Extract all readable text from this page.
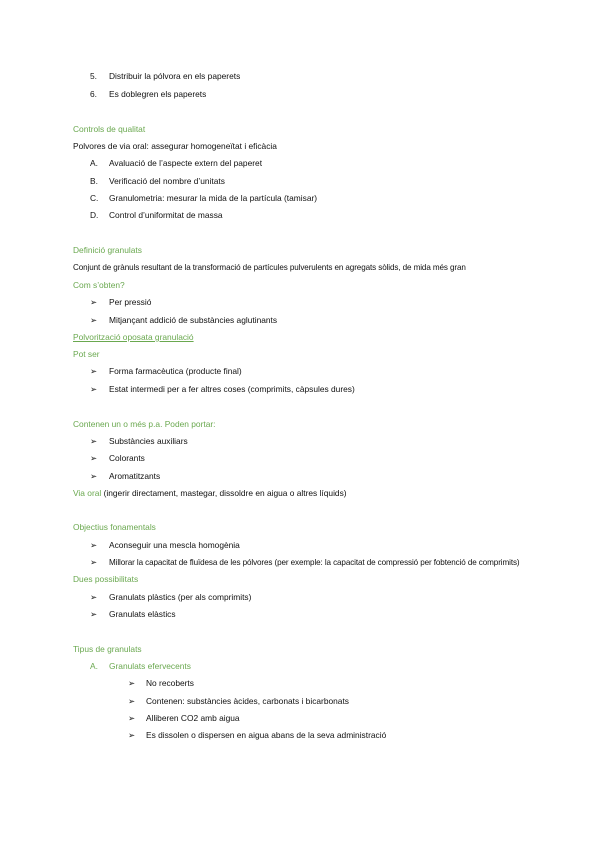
5.	Distribuir la pólvora en els paperets
6.	Es doblegren els paperets
Controls de qualitat
Polvores de via oral: assegurar homogeneïtat i eficàcia
A.	Avaluació de l’aspecte extern del paperet
B.	Verificació del nombre d’unitats
C.	Granulometria: mesurar la mida de la partícula (tamisar)
D.	Control d’uniformitat de massa
Definició granulats
Conjunt de grànuls resultant de la transformació de partícules pulverulents en agregats sòlids, de mida més gran
Com s’obten?
➢	Per pressió
➢	Mitjançant addició de substàncies aglutinants
Polvorització oposata granulació
Pot ser
➢	Forma farmacèutica (producte final)
➢	Estat intermedi per a fer altres coses (comprimits, càpsules dures)
Contenen un o més p.a. Poden portar:
➢	Substàncies auxiliars
➢	Colorants
➢	Aromatitzants
Via oral (ingerir directament, mastegar, dissoldre en aigua o altres líquids)
Objectius fonamentals
➢	Aconseguir una mescla homogènia
➢	Millorar la capacitat de fluïdesa de les pólvores (per exemple: la capacitat de compressió per fobtenció de comprimits)
Dues possibilitats
➢	Granulats plàstics (per als comprimits)
➢	Granulats elàstics
Tipus de granulats
A.	Granulats efervecents
➢	No recoberts
➢	Contenen: substàncies àcides, carbonats i bicarbonats
➢	Alliberen CO2 amb aigua
➢	Es dissolen o dispersen en aigua abans de la seva administració
